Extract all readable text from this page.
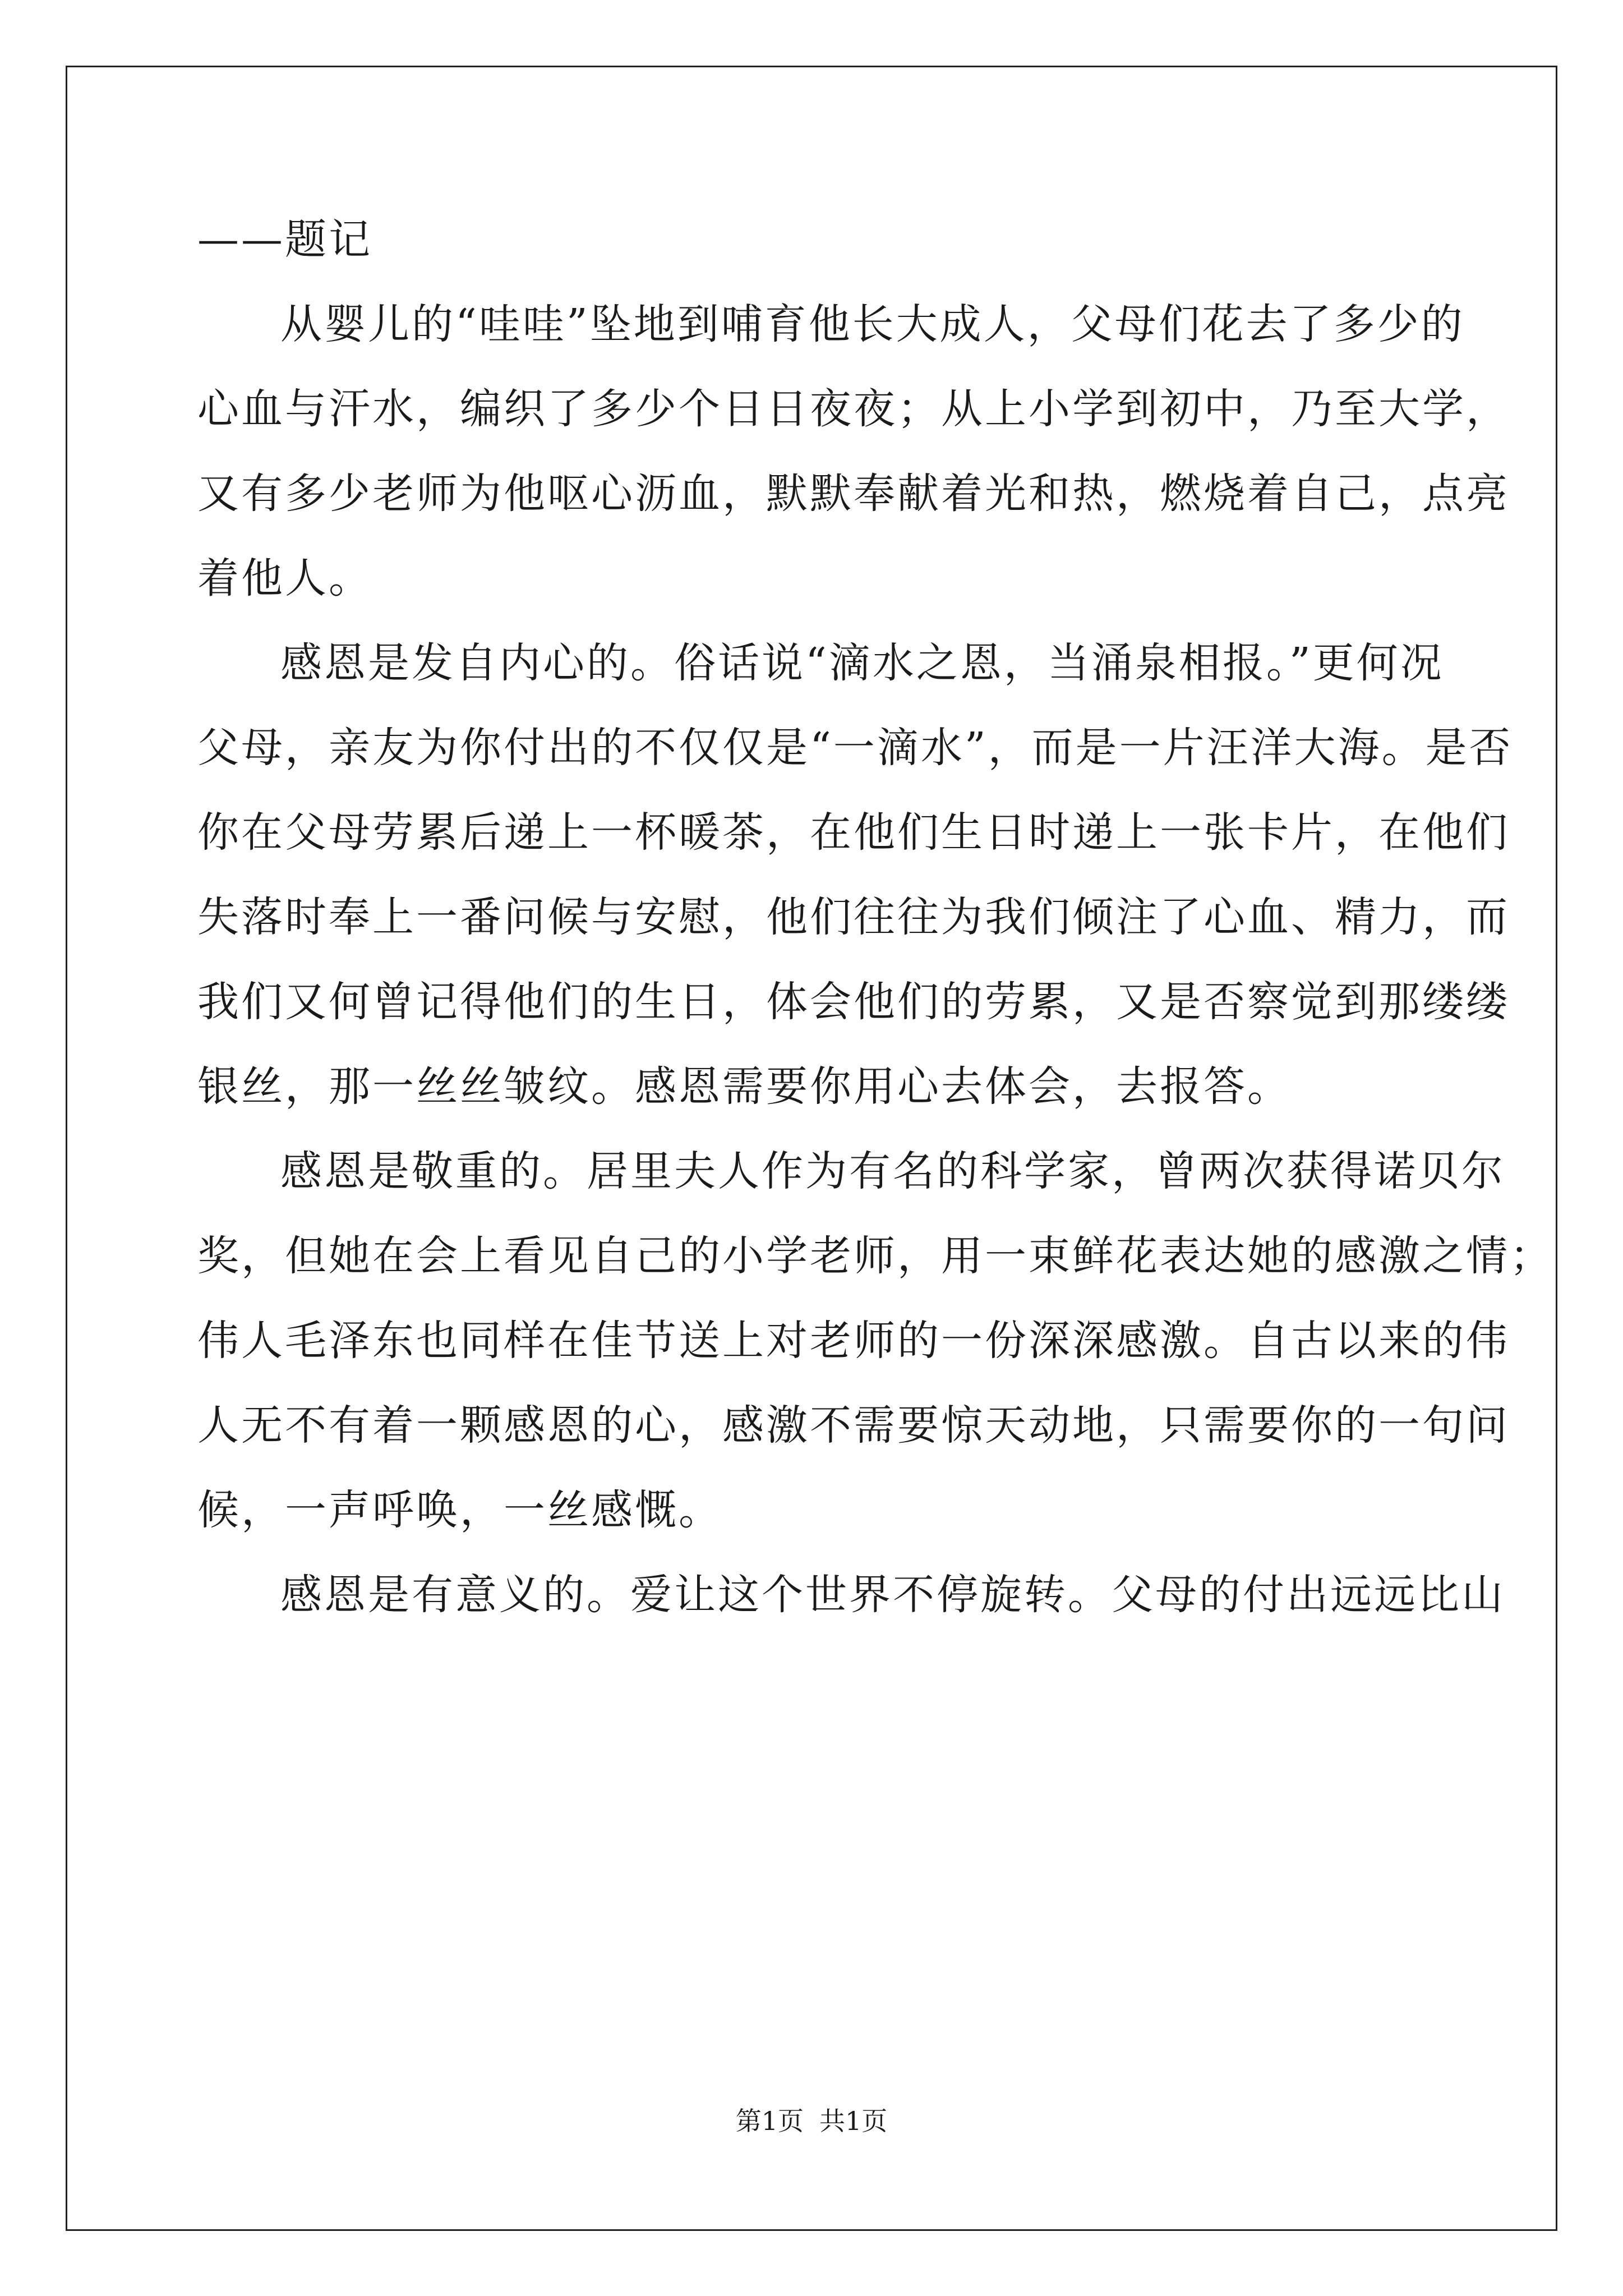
——题记
从婴儿的“哇哇”坠地到哺育他长大成人，父母们花去了多少的
心血与汗水，编织了多少个日日夜夜；从上小学到初中，乃至大学，
又有多少老师为他呕心沥血，默默奉献着光和热，燃烧着自己，点亮
着他人。
感恩是发自内心的。俗话说“滴水之恩，当涌泉相报。”更何况
父母，亲友为你付出的不仅仅是“一滴水”，而是一片汪洋大海。是否
你在父母劳累后递上一杯暖茶，在他们生日时递上一张卡片，在他们
失落时奉上一番问候与安慰，他们往往为我们倾注了心血、精力，而
我们又何曾记得他们的生日，体会他们的劳累，又是否察觉到那缕缕
银丝，那一丝丝皱纹。感恩需要你用心去体会，去报答。
感恩是敬重的。居里夫人作为有名的科学家，曾两次获得诺贝尔
奖，但她在会上看见自己的小学老师，用一束鲜花表达她的感激之情；
伟人毛泽东也同样在佳节送上对老师的一份深深感激。自古以来的伟
人无不有着一颗感恩的心，感激不需要惊天动地，只需要你的一句问
候，一声呼唤，一丝感慨。
感恩是有意义的。爱让这个世界不停旋转。父母的付出远远比山
第1页 共1页
